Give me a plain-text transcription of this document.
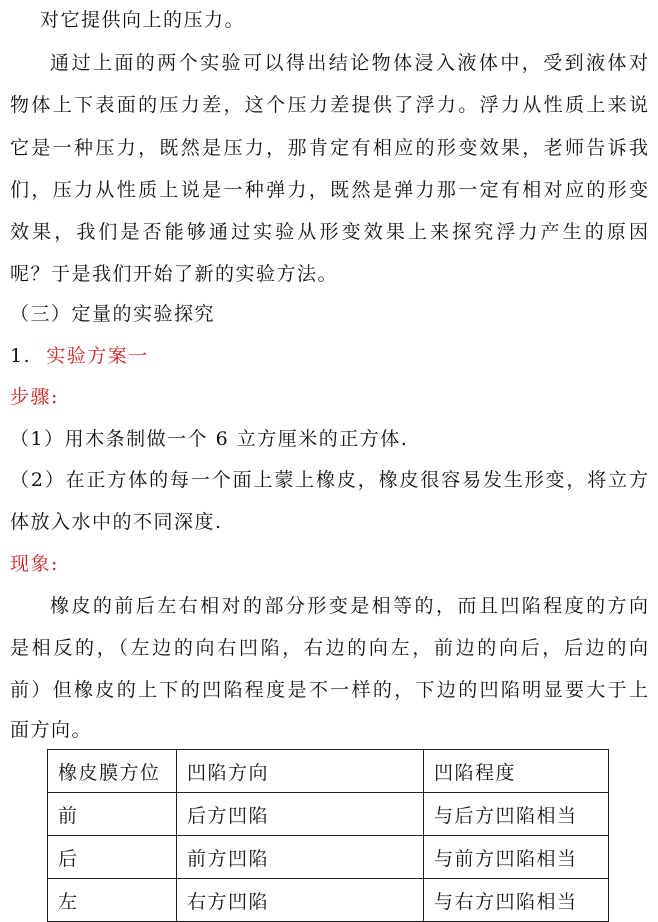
对它提供向上的压力。
通过上面的两个实验可以得出结论物体浸入液体中，受到液体对
物体上下表面的压力差，这个压力差提供了浮力。浮力从性质上来说
它是一种压力，既然是压力，那肯定有相应的形变效果，老师告诉我
们，压力从性质上说是一种弹力，既然是弹力那一定有相对应的形变
效果，我们是否能够通过实验从形变效果上来探究浮力产生的原因
呢？于是我们开始了新的实验方法。
（三）定量的实验探究
1. 实验方案一
步骤:
（1）用木条制做一个 6 立方厘米的正方体.
（2）在正方体的每一个面上蒙上橡皮，橡皮很容易发生形变，将立方
体放入水中的不同深度.
现象:
橡皮的前后左右相对的部分形变是相等的，而且凹陷程度的方向
是相反的，（左边的向右凹陷，右边的向左，前边的向后，后边的向
前）但橡皮的上下的凹陷程度是不一样的，下边的凹陷明显要大于上
面方向。
橡皮膜方位	凹陷方向	凹陷程度
前	后方凹陷	与后方凹陷相当
后	前方凹陷	与前方凹陷相当
左	右方凹陷	与右方凹陷相当
